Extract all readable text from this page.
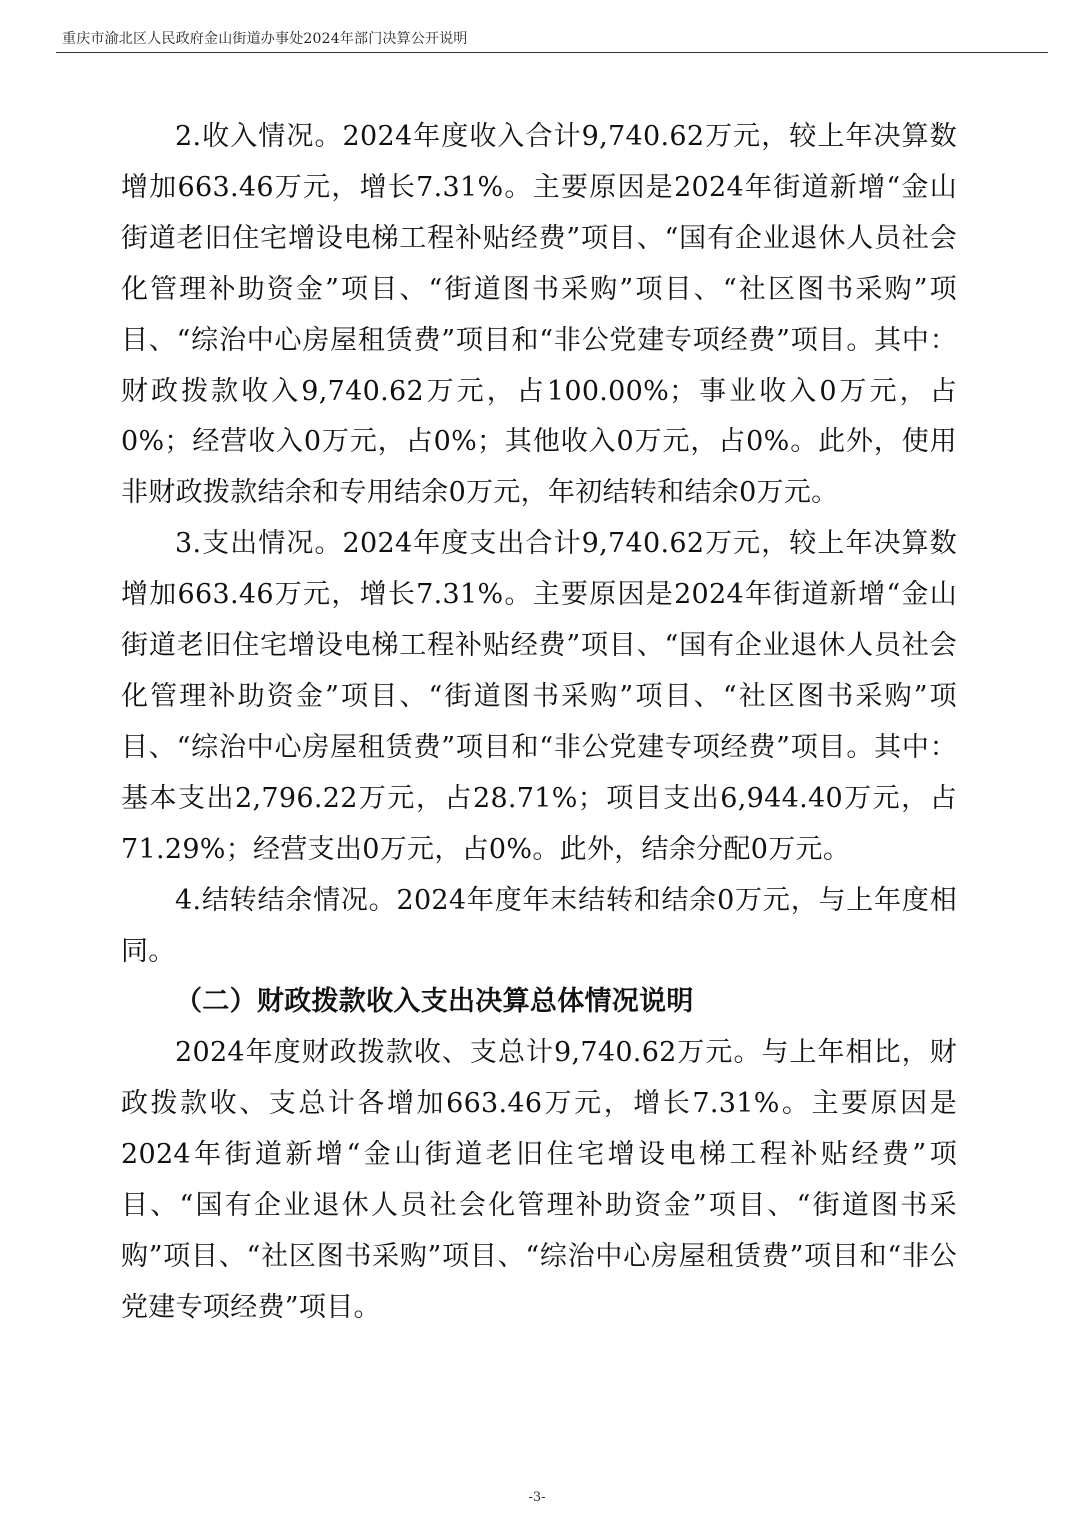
重庆市渝北区人民政府金山街道办事处2024年部门决算公开说明

2.收入情况。2024年度收入合计9,740.62万元，较上年决算数增加663.46万元，增长7.31%。主要原因是2024年街道新增“金山街道老旧住宅增设电梯工程补贴经费”项目、“国有企业退休人员社会化管理补助资金”项目、“街道图书采购”项目、“社区图书采购”项目、“综治中心房屋租赁费”项目和“非公党建专项经费”项目。其中：财政拨款收入9,740.62万元，占100.00%；事业收入0万元，占0%；经营收入0万元，占0%；其他收入0万元，占0%。此外，使用非财政拨款结余和专用结余0万元，年初结转和结余0万元。

3.支出情况。2024年度支出合计9,740.62万元，较上年决算数增加663.46万元，增长7.31%。主要原因是2024年街道新增“金山街道老旧住宅增设电梯工程补贴经费”项目、“国有企业退休人员社会化管理补助资金”项目、“街道图书采购”项目、“社区图书采购”项目、“综治中心房屋租赁费”项目和“非公党建专项经费”项目。其中：基本支出2,796.22万元，占28.71%；项目支出6,944.40万元，占71.29%；经营支出0万元，占0%。此外，结余分配0万元。

4.结转结余情况。2024年度年末结转和结余0万元，与上年度相同。

（二）财政拨款收入支出决算总体情况说明

2024年度财政拨款收、支总计9,740.62万元。与上年相比，财政拨款收、支总计各增加663.46万元，增长7.31%。主要原因是2024年街道新增“金山街道老旧住宅增设电梯工程补贴经费”项目、“国有企业退休人员社会化管理补助资金”项目、“街道图书采购”项目、“社区图书采购”项目、“综治中心房屋租赁费”项目和“非公党建专项经费”项目。

-3-
